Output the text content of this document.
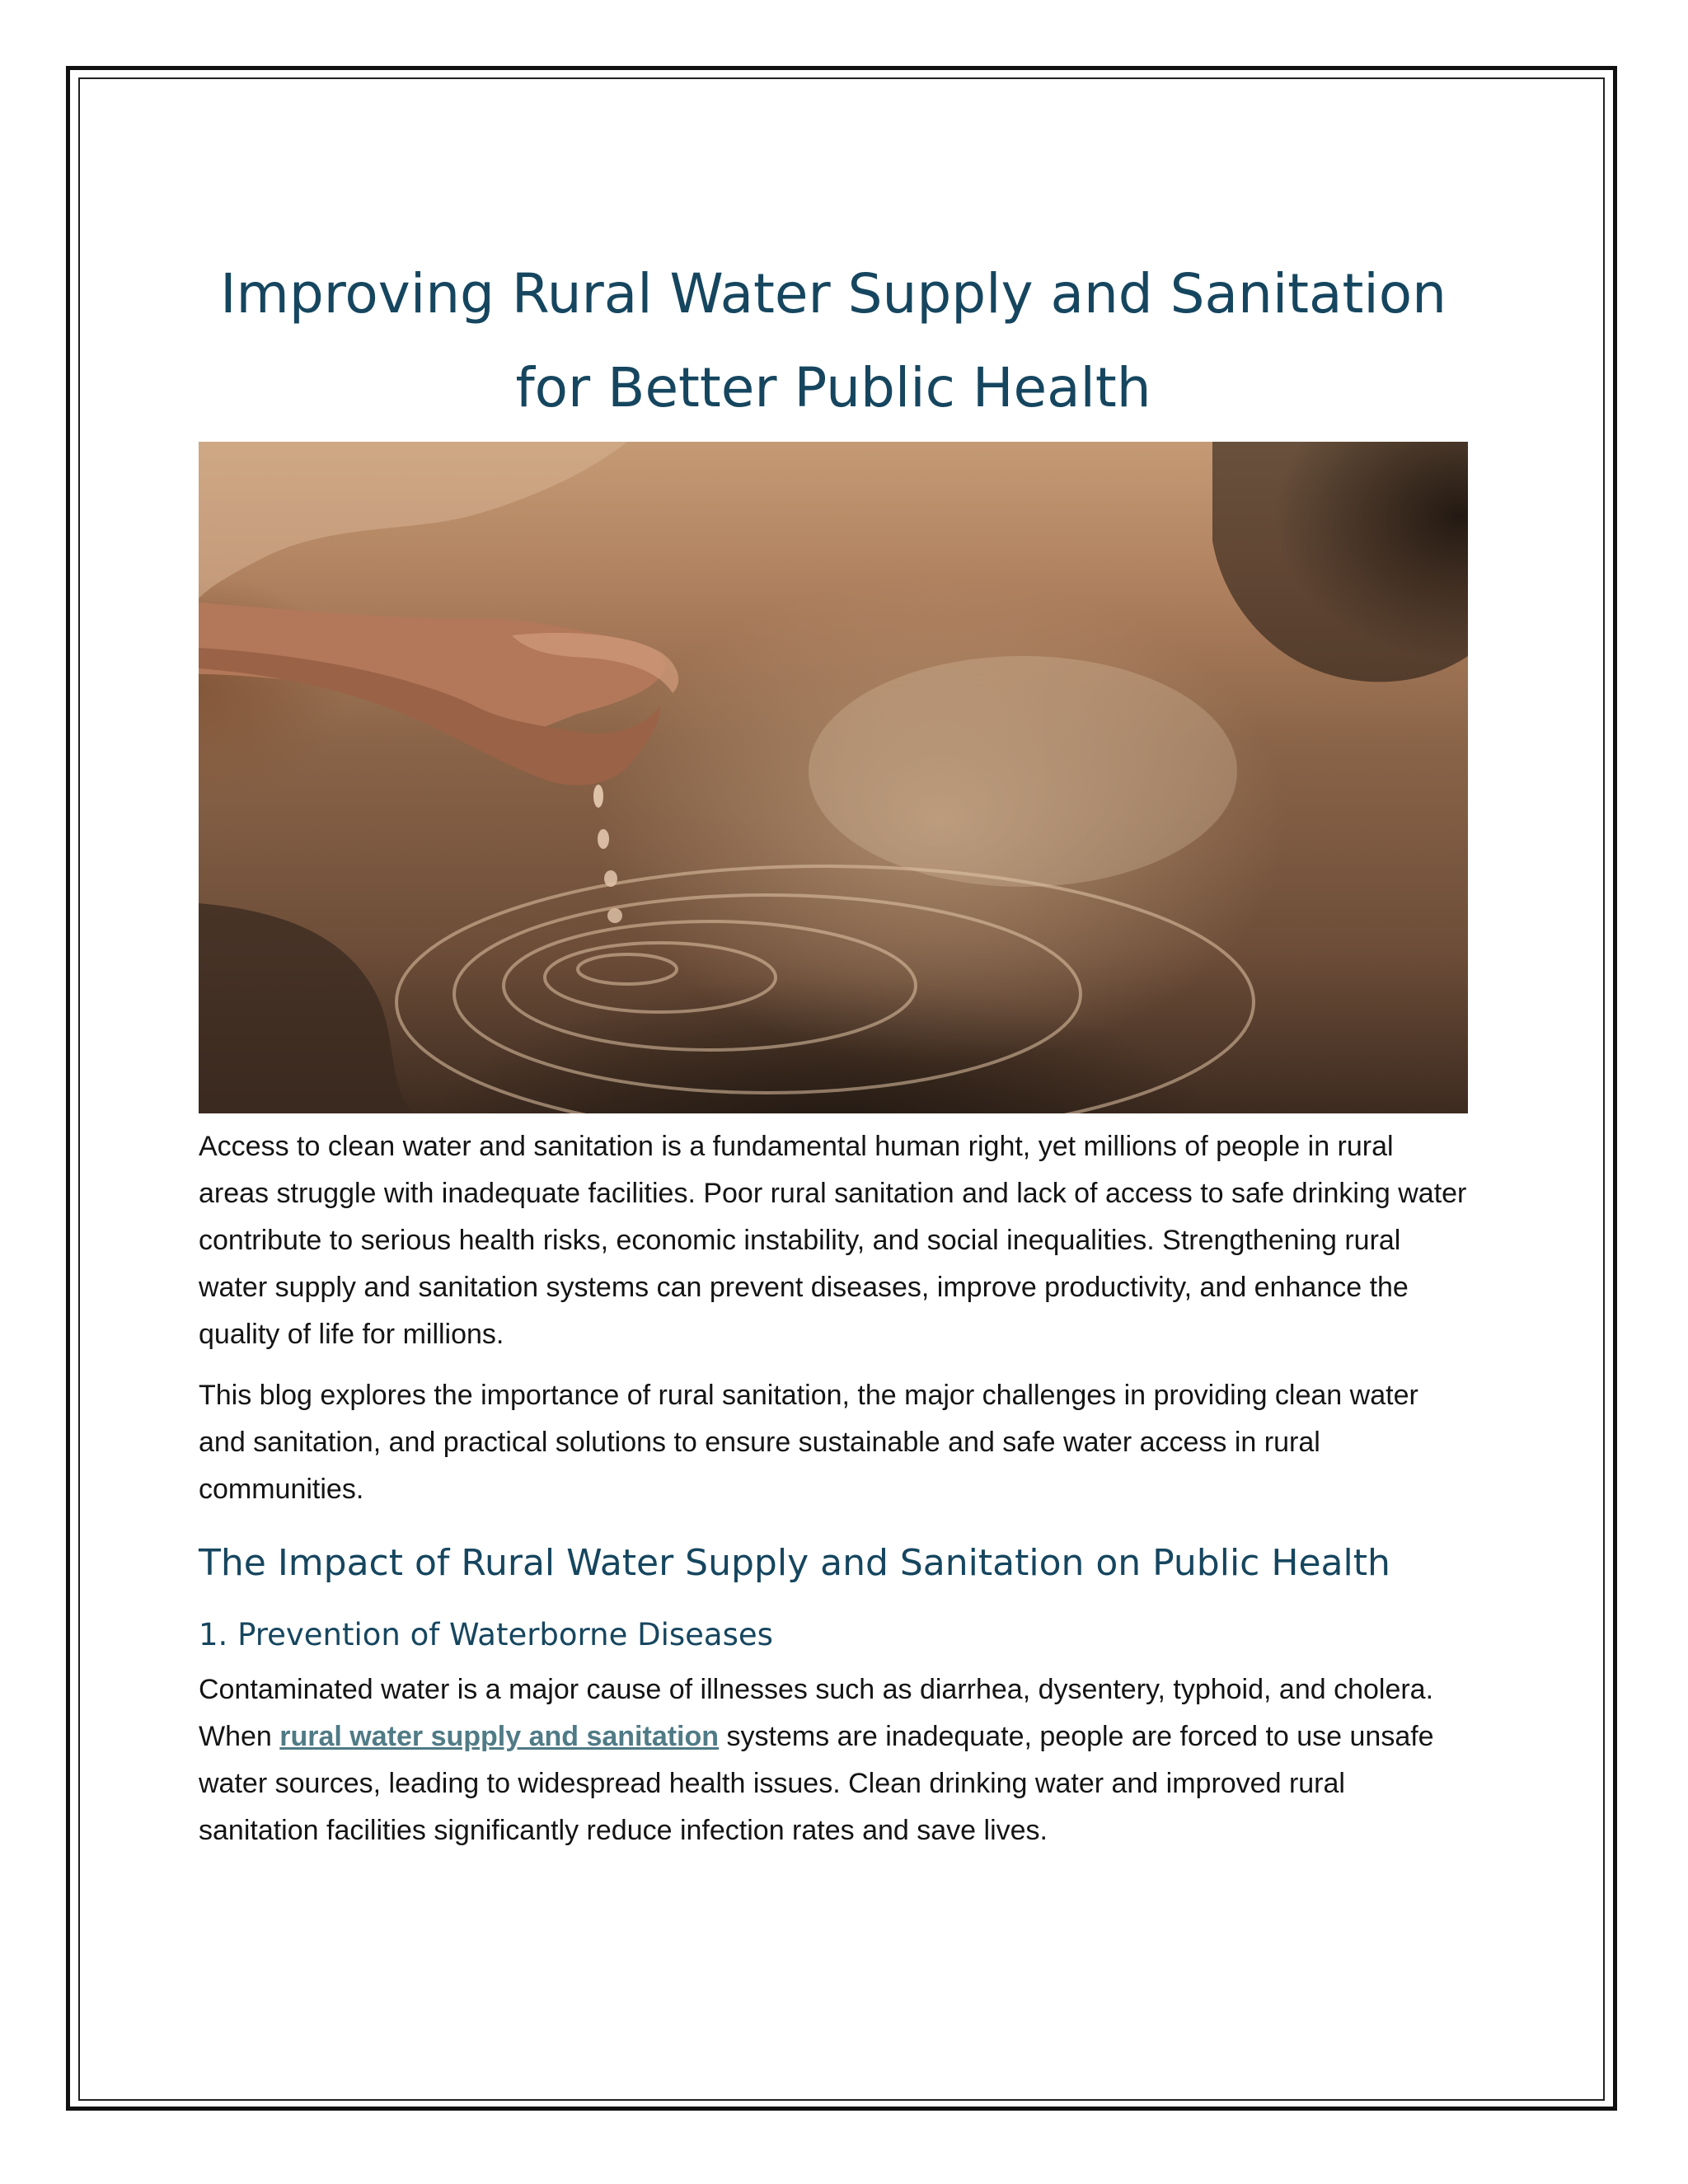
Improving Rural Water Supply and Sanitation
for Better Public Health

Access to clean water and sanitation is a fundamental human right, yet millions of people in rural areas struggle with inadequate facilities. Poor rural sanitation and lack of access to safe drinking water contribute to serious health risks, economic instability, and social inequalities. Strengthening rural water supply and sanitation systems can prevent diseases, improve productivity, and enhance the quality of life for millions.

This blog explores the importance of rural sanitation, the major challenges in providing clean water and sanitation, and practical solutions to ensure sustainable and safe water access in rural communities.

The Impact of Rural Water Supply and Sanitation on Public Health
1. Prevention of Waterborne Diseases

Contaminated water is a major cause of illnesses such as diarrhea, dysentery, typhoid, and cholera. When rural water supply and sanitation systems are inadequate, people are forced to use unsafe water sources, leading to widespread health issues. Clean drinking water and improved rural sanitation facilities significantly reduce infection rates and save lives.
